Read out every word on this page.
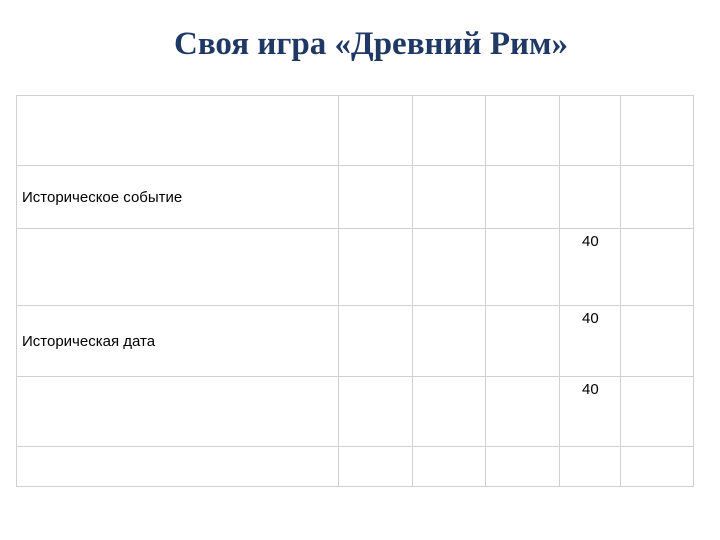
Своя игра «Древний Рим»

Историческое событие					
				40	
Историческая дата				40	
				40	
